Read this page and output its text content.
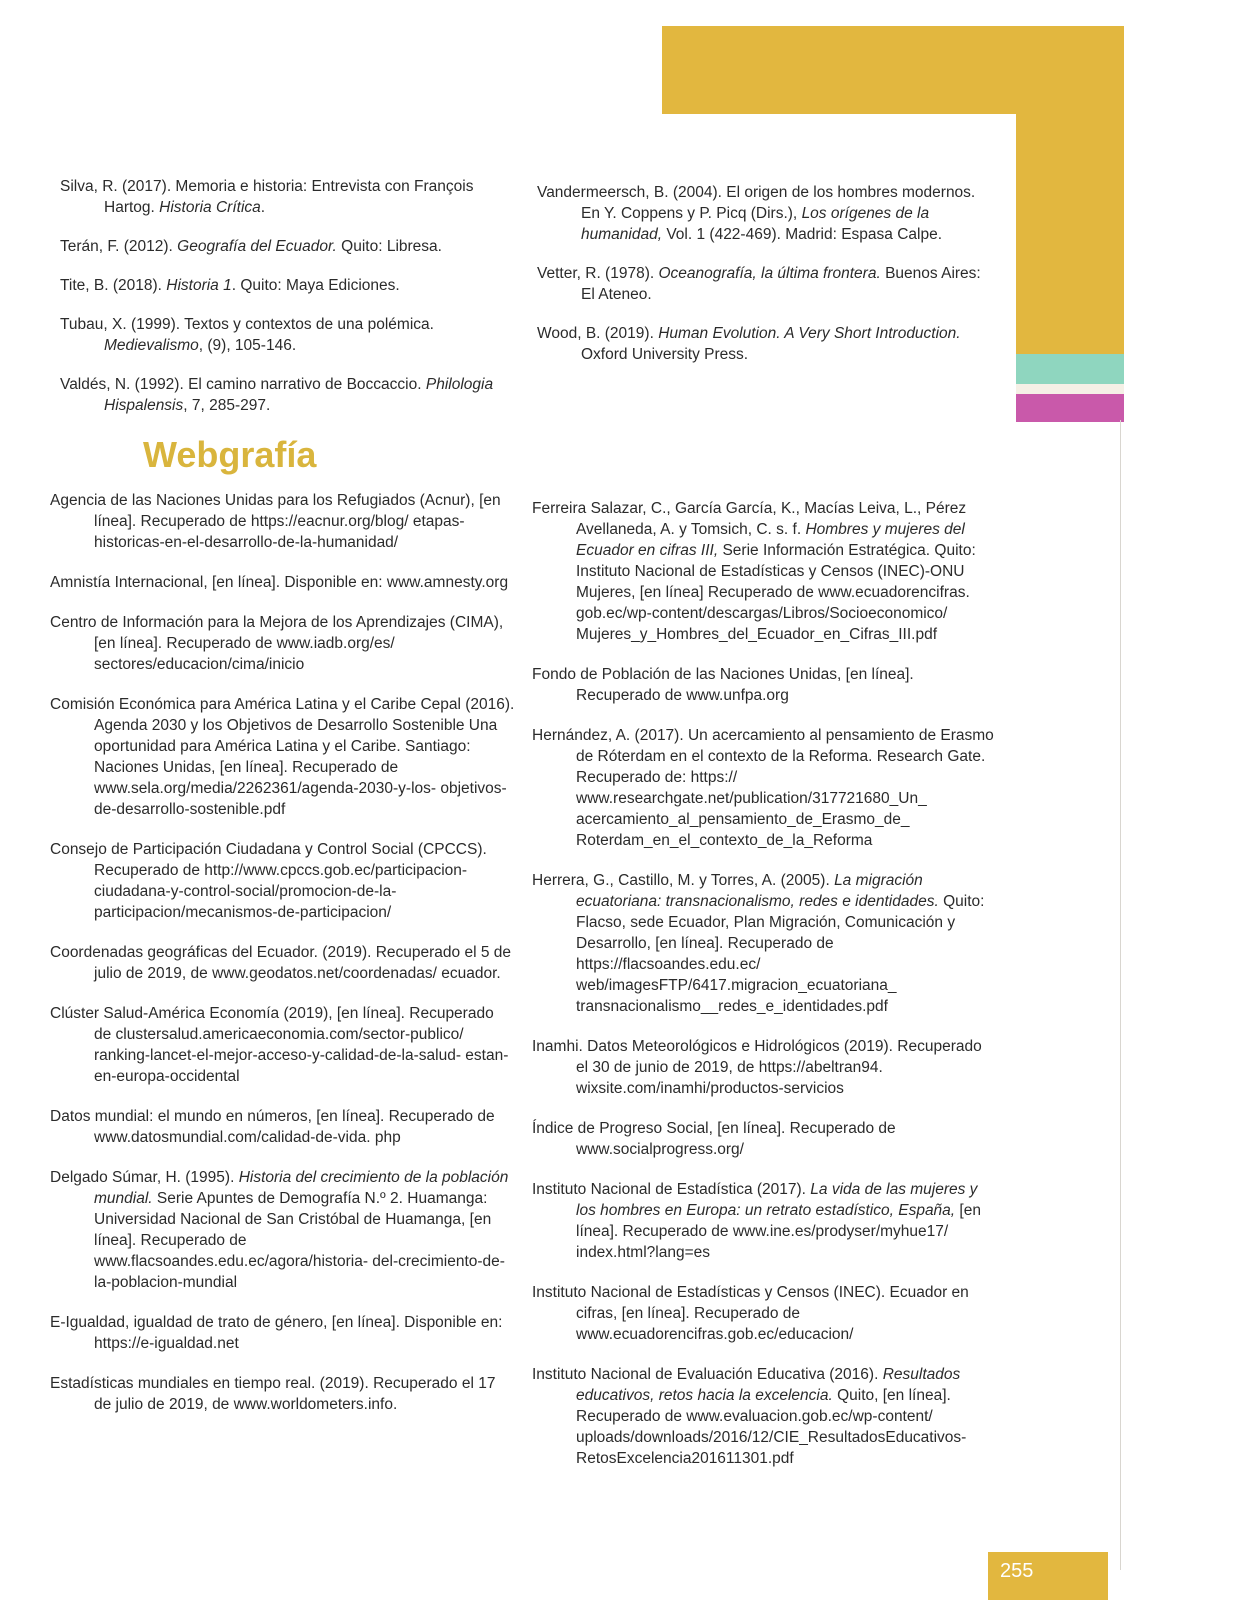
Silva, R. (2017). Memoria e historia: Entrevista con François Hartog. Historia Crítica.

Terán, F. (2012). Geografía del Ecuador. Quito: Libresa.

Tite, B. (2018). Historia 1. Quito: Maya Ediciones.

Tubau, X. (1999). Textos y contextos de una polémica. Medievalismo, (9), 105-146.

Valdés, N. (1992). El camino narrativo de Boccaccio. Philologia Hispalensis, 7, 285-297.

Vandermeersch, B. (2004). El origen de los hombres modernos. En Y. Coppens y P. Picq (Dirs.), Los orígenes de la humanidad, Vol. 1 (422-469). Madrid: Espasa Calpe.

Vetter, R. (1978). Oceanografía, la última frontera. Buenos Aires: El Ateneo.

Wood, B. (2019). Human Evolution. A Very Short Introduction. Oxford University Press.

Webgrafía

Agencia de las Naciones Unidas para los Refugiados (Acnur), [en línea]. Recuperado de https://eacnur.org/blog/ etapas-historicas-en-el-desarrollo-de-la-humanidad/

Amnistía Internacional, [en línea]. Disponible en: www.amnesty.org

Centro de Información para la Mejora de los Aprendizajes (CIMA), [en línea]. Recuperado de www.iadb.org/es/ sectores/educacion/cima/inicio

Comisión Económica para América Latina y el Caribe Cepal (2016). Agenda 2030 y los Objetivos de Desarrollo Sostenible Una oportunidad para América Latina y el Caribe. Santiago: Naciones Unidas, [en línea]. Recuperado de www.sela.org/media/2262361/agenda-2030-y-los- objetivos-de-desarrollo-sostenible.pdf

Consejo de Participación Ciudadana y Control Social (CPCCS). Recuperado de http://www.cpccs.gob.ec/participacion- ciudadana-y-control-social/promocion-de-la- participacion/mecanismos-de-participacion/

Coordenadas geográficas del Ecuador. (2019). Recuperado el 5 de julio de 2019, de www.geodatos.net/coordenadas/ ecuador.

Clúster Salud-América Economía (2019), [en línea]. Recuperado de clustersalud.americaeconomia.com/sector-publico/ ranking-lancet-el-mejor-acceso-y-calidad-de-la-salud- estan-en-europa-occidental

Datos mundial: el mundo en números, [en línea]. Recuperado de www.datosmundial.com/calidad-de-vida. php

Delgado Súmar, H. (1995). Historia del crecimiento de la población mundial. Serie Apuntes de Demografía N.º 2. Huamanga: Universidad Nacional de San Cristóbal de Huamanga, [en línea]. Recuperado de www.flacsoandes.edu.ec/agora/historia- del-crecimiento-de-la-poblacion-mundial

E-Igualdad, igualdad de trato de género, [en línea]. Disponible en: https://e-igualdad.net

Estadísticas mundiales en tiempo real. (2019). Recuperado el 17 de julio de 2019, de www.worldometers.info.

Ferreira Salazar, C., García García, K., Macías Leiva, L., Pérez Avellaneda, A. y Tomsich, C. s. f. Hombres y mujeres del Ecuador en cifras III, Serie Información Estratégica. Quito: Instituto Nacional de Estadísticas y Censos (INEC)-ONU Mujeres, [en línea] Recuperado de www.ecuadorencifras. gob.ec/wp-content/descargas/Libros/Socioeconomico/ Mujeres_y_Hombres_del_Ecuador_en_Cifras_III.pdf

Fondo de Población de las Naciones Unidas, [en línea]. Recuperado de www.unfpa.org

Hernández, A. (2017). Un acercamiento al pensamiento de Erasmo de Róterdam en el contexto de la Reforma. Research Gate. Recuperado de: https:// www.researchgate.net/publication/317721680_Un_ acercamiento_al_pensamiento_de_Erasmo_de_ Roterdam_en_el_contexto_de_la_Reforma

Herrera, G., Castillo, M. y Torres, A. (2005). La migración ecuatoriana: transnacionalismo, redes e identidades. Quito: Flacso, sede Ecuador, Plan Migración, Comunicación y Desarrollo, [en línea]. Recuperado de https://flacsoandes.edu.ec/ web/imagesFTP/6417.migracion_ecuatoriana_ transnacionalismo__redes_e_identidades.pdf

Inamhi. Datos Meteorológicos e Hidrológicos (2019). Recuperado el 30 de junio de 2019, de https://abeltran94. wixsite.com/inamhi/productos-servicios

Índice de Progreso Social, [en línea]. Recuperado de www.socialprogress.org/

Instituto Nacional de Estadística (2017). La vida de las mujeres y los hombres en Europa: un retrato estadístico, España, [en línea]. Recuperado de www.ine.es/prodyser/myhue17/ index.html?lang=es

Instituto Nacional de Estadísticas y Censos (INEC). Ecuador en cifras, [en línea]. Recuperado de www.ecuadorencifras.gob.ec/educacion/

Instituto Nacional de Evaluación Educativa (2016). Resultados educativos, retos hacia la excelencia. Quito, [en línea]. Recuperado de www.evaluacion.gob.ec/wp-content/ uploads/downloads/2016/12/CIE_ResultadosEducativos- RetosExcelencia201611301.pdf

255
